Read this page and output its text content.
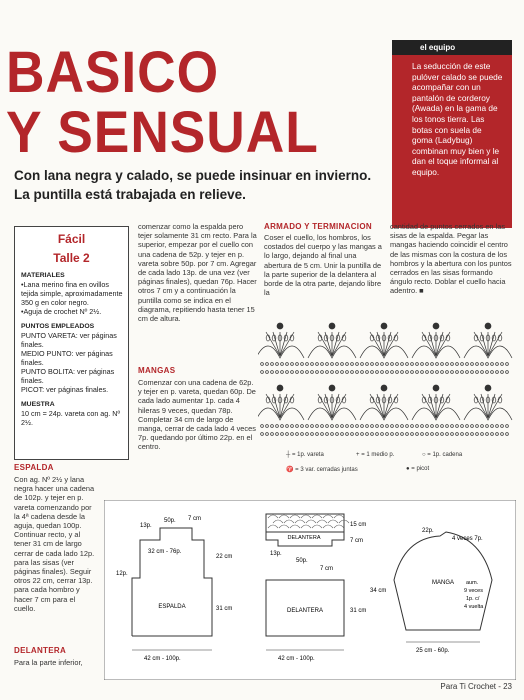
BASICO
Y SENSUAL
Con lana negra y calado, se puede insinuar en invierno. La puntilla está trabajada en relieve.
el equipo
La seducción de este pulóver calado se puede acompañar con un pantalón de corderoy (Awada) en la gama de los tonos tierra. Las botas con suela de goma (Ladybug) combinan muy bien y le dan el toque informal al equipo.
Fácil
Talle 2
MATERIALES
•Lana merino fina en ovillos tejida simple, aproximadamente 350 g en color negro.
•Aguja de crochet Nº 2½.
PUNTOS EMPLEADOS
PUNTO VARETA: ver páginas finales.
MEDIO PUNTO: ver páginas finales.
PUNTO BOLITA: ver páginas finales.
PICOT: ver páginas finales.
MUESTRA
10 cm = 24p. vareta con ag. Nº 2½.
ESPALDA
Con ag. Nº 2½ y lana negra hacer una cadena de 102p. y tejer en p. vareta comenzando por la 4ª cadena desde la aguja, quedan 100p. Continuar recto, y al tener 31 cm de largo cerrar de cada lado 12p. para las sisas (ver páginas finales). Seguir otros 22 cm, cerrar 13p. para cada hombro y hacer 7 cm para el cuello.
DELANTERA
Para la parte inferior,
comenzar como la espalda pero tejer solamente 31 cm recto. Para la superior, empezar por el cuello con una cadena de 52p. y tejer en p. vareta sobre 50p. por 7 cm. Agregar de cada lado 13p. de una vez (ver páginas finales), quedan 76p. Hacer otros 7 cm y a continuación la puntilla como se indica en el diagrama, repitiendo hasta tener 15 cm de altura.
MANGAS
Comenzar con una cadena de 62p. y tejer en p. vareta, quedan 60p. De cada lado aumentar 1p. cada 4 hileras 9 veces, quedan 78p. Completar 34 cm de largo de manga, cerrar de cada lado 4 veces 7p. quedando por último 22p. en el centro.
ARMADO Y TERMINACION
Coser el cuello, los hombros, los costados del cuerpo y las mangas a lo largo, dejando al final una abertura de 5 cm. Unir la puntilla de la parte superior de la delantera al borde de la otra parte, dejando libre la
cantidad de puntos cerrados en las sisas de la espalda. Pegar las mangas haciendo coincidir el centro de las mismas con la costura de los hombros y la abertura con los puntos cerrados en las sisas formando ángulo recto. Doblar el cuello hacia adentro. ■
┼ = 1p. vareta	+ = 1 medio p.	○ = 1p. cadena
♈ = 3 var. cerradas juntas	● = picot
ESPALDA
13p.
50p. 7 cm
32 cm - 76p.
22 cm
12p.
31 cm
42 cm - 100p.
DELANTERA
15 cm
7 cm
13p.
50p.
7 cm
DELANTERA	31 cm
42 cm - 100p.
MANGA
22p.
4 veces 7p.
34 cm
aum.
9 veces
1p. c/
4 vuelta
25 cm - 60p.
Para Ti Crochet - 23
